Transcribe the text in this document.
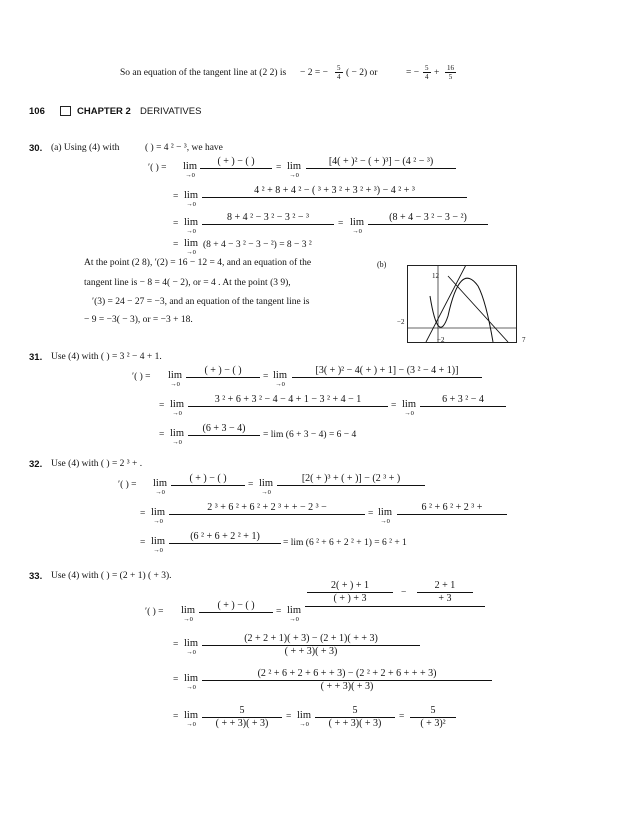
So an equation of the tangent line at (2 2) is − 2 = − 5
4 ( − 2) or	= − 5
4 + 16
5
106	CHAPTER 2 DERIVATIVES
30. (a) Using (4) with	( ) = 4 ² − ³, we have
′( ) = lim
→0
( + ) − ( )
= lim
→0
[4( + )² − ( + )³] − (4 ² − ³)
= lim
→0
4 ² + 8 + 4 ² − ( ³ + 3 ² + 3 ² + ³) − 4 ² + ³
= lim
→0
8 + 4 ² − 3 ² − 3 ² − ³
= lim
→0
(8 + 4 − 3 ² − 3 − ²)
= lim
→0
(8 + 4 − 3 ² − 3 − ²) = 8 − 3 ²
At the point (2 8), ′(2) = 16 − 12 = 4, and an equation of the
tangent line is − 8 = 4( − 2), or = 4 . At the point (3 9),
′(3) = 24 − 27 = −3, and an equation of the tangent line is
− 9 = −3( − 3), or = −3 + 18.
(b)
12
−2
−2	7
31. Use (4) with ( ) = 3 ² − 4 + 1.
′( ) = lim
→0
( + ) − ( )
= lim
→0
[3( + )² − 4( + ) + 1] − (3 ² − 4 + 1)]
= lim
→0
3 ² + 6 + 3 ² − 4 − 4 + 1 − 3 ² + 4 − 1
= lim
→0
6 + 3 ² − 4
= lim
→0
(6 + 3 − 4)
= lim (6 + 3 − 4) = 6 − 4
32. Use (4) with ( ) = 2 ³ + .
′( ) = lim
→0
( + ) − ( )
= lim
→0
[2( + )³ + ( + )] − (2 ³ + )
= lim
→0
2 ³ + 6 ² + 6 ² + 2 ³ + + − 2 ³ −
= lim
→0
6 ² + 6 ² + 2 ³ +
= lim
→0
(6 ² + 6 + 2 ² + 1)
= lim (6 ² + 6 + 2 ² + 1) = 6 ² + 1
33. Use (4) with ( ) = (2 + 1) ( + 3).
′( ) = lim
→0
( + ) − ( )
= lim
→0
2( + ) + 1
( + ) + 3	−
2 + 1
+ 3
= lim
→0
(2 + 2 + 1)( + 3) − (2 + 1)( + + 3)
( + + 3)( + 3)
= lim
→0
(2 ² + 6 + 2 + 6 + + 3) − (2 ² + 2 + 6 + + + 3)
( + + 3)( + 3)
= lim
→0
5
( + + 3)( + 3)
= lim
→0
5
( + + 3)( + 3)
=
5
( + 3)²
